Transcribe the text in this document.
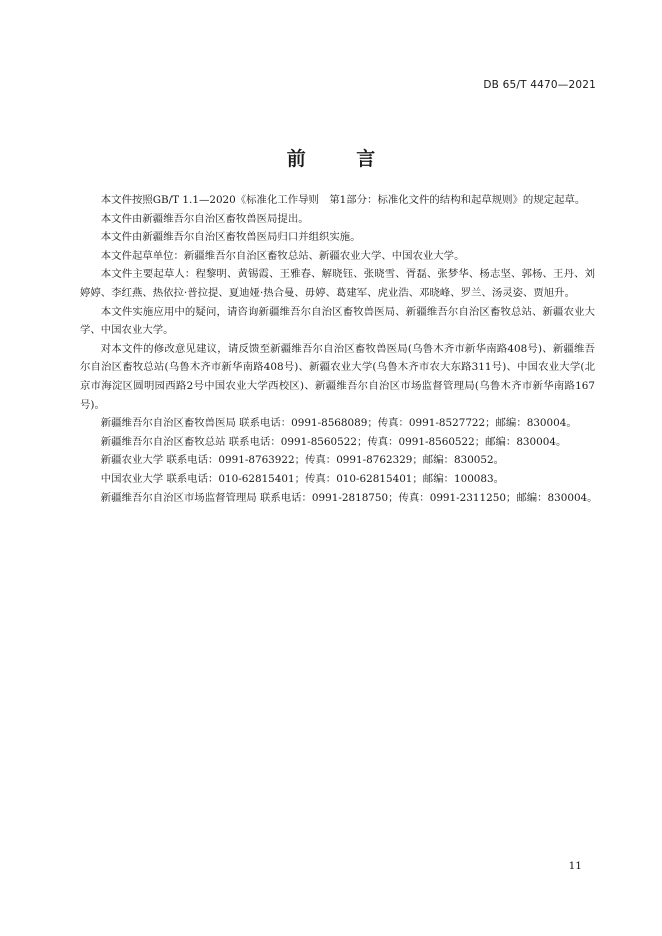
DB 65/T 4470—2021
前 言

本文件按照GB/T 1.1—2020《标准化工作导则　第1部分：标准化文件的结构和起草规则》的规定起草。

本文件由新疆维吾尔自治区畜牧兽医局提出。

本文件由新疆维吾尔自治区畜牧兽医局归口并组织实施。

本文件起草单位：新疆维吾尔自治区畜牧总站、新疆农业大学、中国农业大学。

本文件主要起草人：程黎明、黄锡霞、王雅春、解晓钰、张晓雪、胥磊、张梦华、杨志坚、郭杨、王丹、刘婷婷、李红燕、热依拉·普拉提、夏迪娅·热合曼、毋婷、葛建军、虎业浩、邓晓峰、罗兰、汤灵姿、贾旭升。

本文件实施应用中的疑问，请咨询新疆维吾尔自治区畜牧兽医局、新疆维吾尔自治区畜牧总站、新疆农业大学、中国农业大学。

对本文件的修改意见建议，请反馈至新疆维吾尔自治区畜牧兽医局(乌鲁木齐市新华南路408号)、新疆维吾尔自治区畜牧总站(乌鲁木齐市新华南路408号)、新疆农业大学(乌鲁木齐市农大东路311号)、中国农业大学(北京市海淀区圆明园西路2号中国农业大学西校区)、新疆维吾尔自治区市场监督管理局(乌鲁木齐市新华南路167号)。

新疆维吾尔自治区畜牧兽医局 联系电话：0991-8568089；传真：0991-8527722；邮编：830004。

新疆维吾尔自治区畜牧总站 联系电话：0991-8560522；传真：0991-8560522；邮编：830004。

新疆农业大学 联系电话：0991-8763922；传真：0991-8762329；邮编：830052。

中国农业大学 联系电话：010-62815401；传真：010-62815401；邮编：100083。

新疆维吾尔自治区市场监督管理局 联系电话：0991-2818750；传真：0991-2311250；邮编：830004。

11
